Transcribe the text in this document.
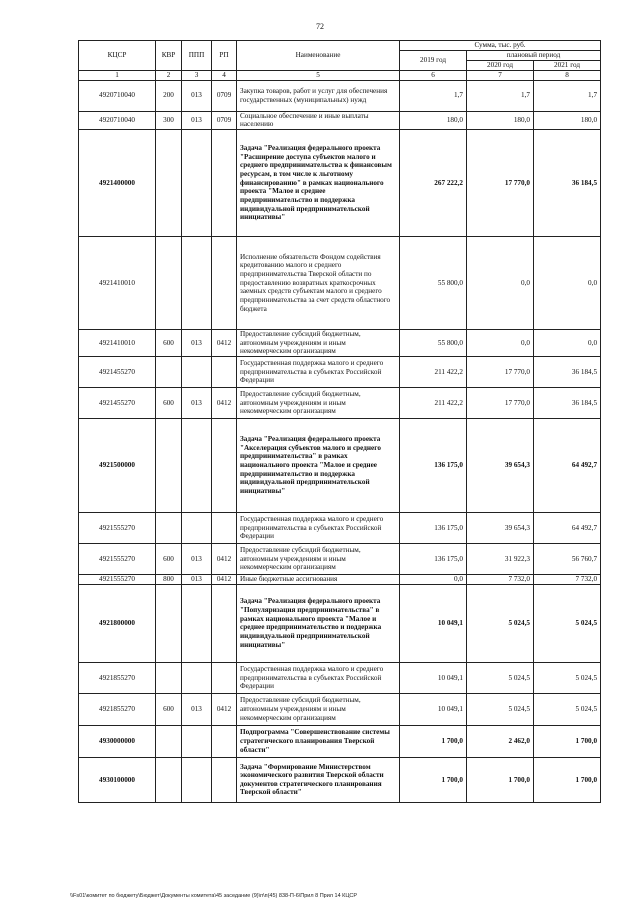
72
КЦСР	КВР	ППП	РП	Наименование	Сумма, тыс. руб.		
					2019 год	плановый период	
						2020 год	2021 год
1	2	3	4	5	6	7	8
4920710040	200	013	0709	Закупка товаров, работ и услуг для обеспечения государственных (муниципальных) нужд	1,7	1,7	1,7
4920710040	300	013	0709	Социальное обеспечение и иные выплаты населению	180,0	180,0	180,0
4921400000				Задача "Реализация федерального проекта "Расширение доступа субъектов малого и среднего предпринимательства к финансовым ресурсам, в том числе к льготному финансированию" в рамках национального проекта "Малое и среднее предпринимательство и поддержка индивидуальной предпринимательской инициативы"	267 222,2	17 770,0	36 184,5
4921410010				Исполнение обязательств Фондом содействия кредитованию малого и среднего предпринимательства Тверской области по предоставлению возвратных краткосрочных заемных средств субъектам малого и среднего предпринимательства за счет средств областного бюджета	55 800,0	0,0	0,0
4921410010	600	013	0412	Предоставление субсидий бюджетным, автономным учреждениям и иным некоммерческим организациям	55 800,0	0,0	0,0
4921455270				Государственная поддержка малого и среднего предпринимательства в субъектах Российской Федерации	211 422,2	17 770,0	36 184,5
4921455270	600	013	0412	Предоставление субсидий бюджетным, автономным учреждениям и иным некоммерческим организациям	211 422,2	17 770,0	36 184,5
4921500000				Задача "Реализация федерального проекта "Акселерация субъектов малого и среднего предпринимательства" в рамках национального проекта "Малое и среднее предпринимательство и поддержка индивидуальной предпринимательской инициативы"	136 175,0	39 654,3	64 492,7
4921555270				Государственная поддержка малого и среднего предпринимательства в субъектах Российской Федерации	136 175,0	39 654,3	64 492,7
4921555270	600	013	0412	Предоставление субсидий бюджетным, автономным учреждениям и иным некоммерческим организациям	136 175,0	31 922,3	56 760,7
4921555270	800	013	0412	Иные бюджетные ассигнования	0,0	7 732,0	7 732,0
4921800000				Задача "Реализация федерального проекта "Популяризация предпринимательства" в рамках национального проекта "Малое и среднее предпринимательство и поддержка индивидуальной предпринимательской инициативы"	10 049,1	5 024,5	5 024,5
4921855270				Государственная поддержка малого и среднего предпринимательства в субъектах Российской Федерации	10 049,1	5 024,5	5 024,5
4921855270	600	013	0412	Предоставление субсидий бюджетным, автономным учреждениям и иным некоммерческим организациям	10 049,1	5 024,5	5 024,5
4930000000				Подпрограмма "Совершенствование системы стратегического планирования Тверской области"	1 700,0	2 462,0	1 700,0
4930100000				Задача "Формирование Министерством экономического развития Тверской области документов стратегического планирования Тверской области"	1 700,0	1 700,0	1 700,0
\\Fs01\комитет по бюджету\Бюджет\Документы комитета\45 заседание (9)\п\п(45) 838-П-6\Прил 8 Прил 14 КЦСР
